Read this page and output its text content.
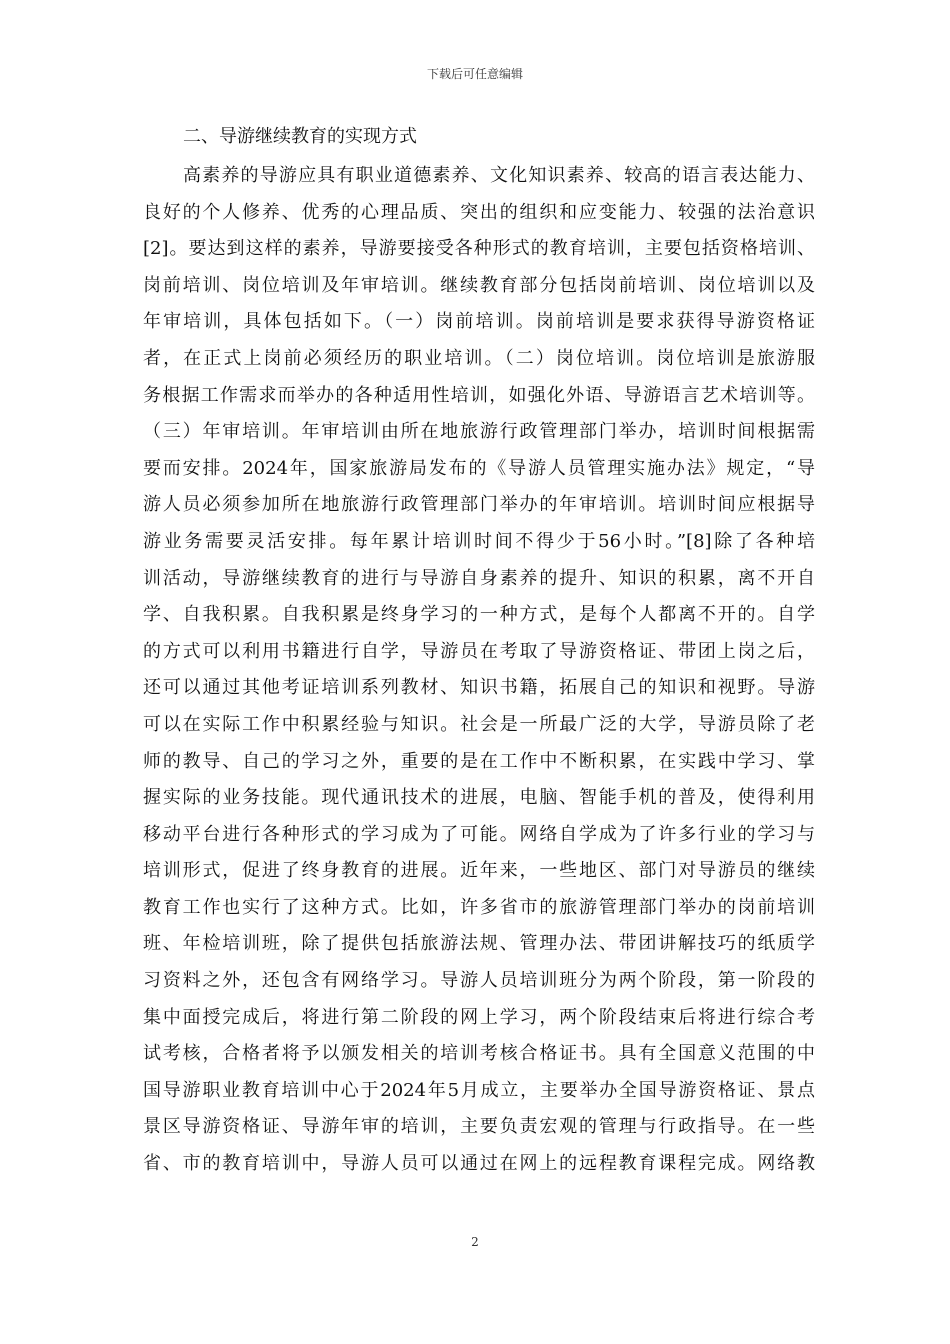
下载后可任意编辑
二、导游继续教育的实现方式
高素养的导游应具有职业道德素养、文化知识素养、较高的语言表达能力、
良好的个人修养、优秀的心理品质、突出的组织和应变能力、较强的法治意识
[2]。要达到这样的素养，导游要接受各种形式的教育培训，主要包括资格培训、
岗前培训、岗位培训及年审培训。继续教育部分包括岗前培训、岗位培训以及
年审培训，具体包括如下。（一）岗前培训。岗前培训是要求获得导游资格证
者，在正式上岗前必须经历的职业培训。（二）岗位培训。岗位培训是旅游服
务根据工作需求而举办的各种适用性培训，如强化外语、导游语言艺术培训等。
（三）年审培训。年审培训由所在地旅游行政管理部门举办，培训时间根据需
要而安排。2024年，国家旅游局发布的《导游人员管理实施办法》规定，“导
游人员必须参加所在地旅游行政管理部门举办的年审培训。培训时间应根据导
游业务需要灵活安排。每年累计培训时间不得少于56小时。”[8]除了各种培
训活动，导游继续教育的进行与导游自身素养的提升、知识的积累，离不开自
学、自我积累。自我积累是终身学习的一种方式，是每个人都离不开的。自学
的方式可以利用书籍进行自学，导游员在考取了导游资格证、带团上岗之后，
还可以通过其他考证培训系列教材、知识书籍，拓展自己的知识和视野。导游
可以在实际工作中积累经验与知识。社会是一所最广泛的大学，导游员除了老
师的教导、自己的学习之外，重要的是在工作中不断积累，在实践中学习、掌
握实际的业务技能。现代通讯技术的进展，电脑、智能手机的普及，使得利用
移动平台进行各种形式的学习成为了可能。网络自学成为了许多行业的学习与
培训形式，促进了终身教育的进展。近年来，一些地区、部门对导游员的继续
教育工作也实行了这种方式。比如，许多省市的旅游管理部门举办的岗前培训
班、年检培训班，除了提供包括旅游法规、管理办法、带团讲解技巧的纸质学
习资料之外，还包含有网络学习。导游人员培训班分为两个阶段，第一阶段的
集中面授完成后，将进行第二阶段的网上学习，两个阶段结束后将进行综合考
试考核，合格者将予以颁发相关的培训考核合格证书。具有全国意义范围的中
国导游职业教育培训中心于2024年5月成立，主要举办全国导游资格证、景点
景区导游资格证、导游年审的培训，主要负责宏观的管理与行政指导。在一些
省、市的教育培训中，导游人员可以通过在网上的远程教育课程完成。网络教
2
